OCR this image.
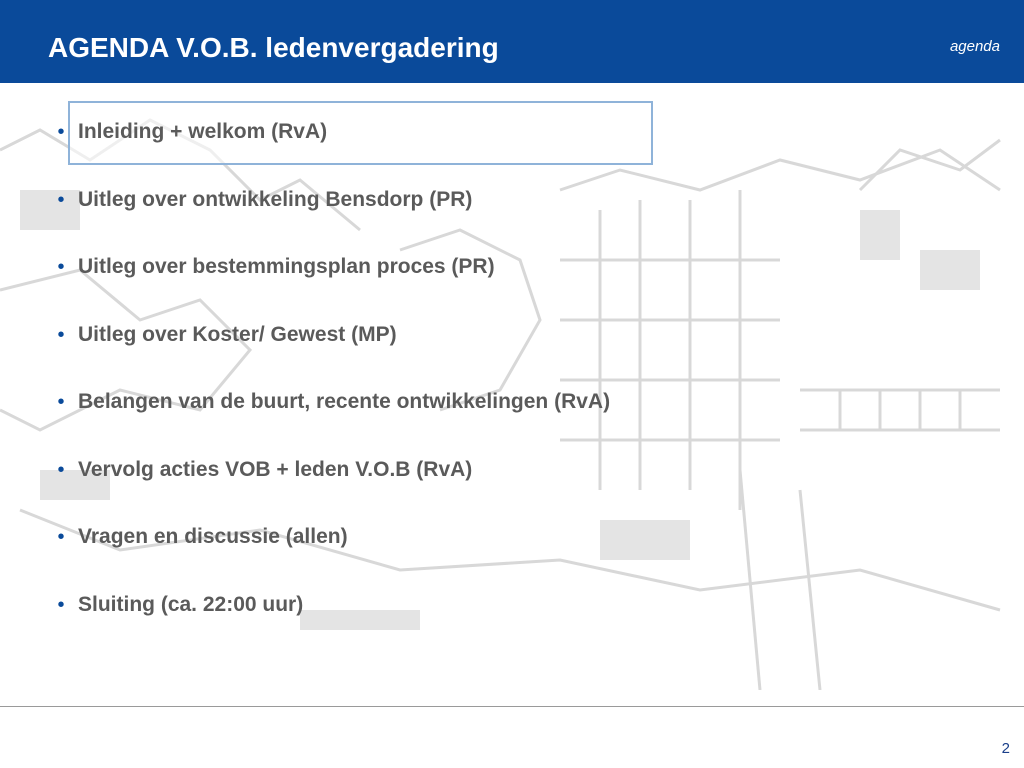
AGENDA V.O.B. ledenvergadering	agenda
• Inleiding + welkom (RvA)
• Uitleg over ontwikkeling Bensdorp (PR)
• Uitleg over bestemmingsplan proces (PR)
• Uitleg over Koster/ Gewest (MP)
• Belangen van de buurt, recente ontwikkelingen (RvA)
• Vervolg acties VOB + leden V.O.B (RvA)
• Vragen en discussie (allen)
• Sluiting (ca. 22:00 uur)
2
